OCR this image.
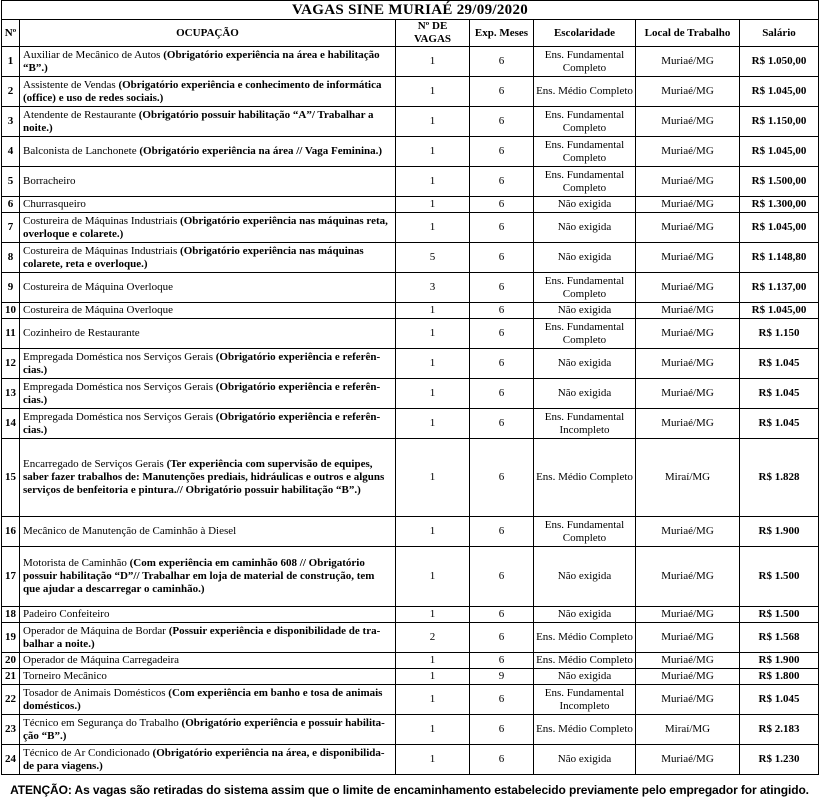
VAGAS SINE MURIAÉ 29/09/2020						
Nº	OCUPAÇÃO	Nº DE VAGAS	Exp. Meses	Escolaridade	Local de Trabalho	Salário
1	Auxiliar de Mecânico de Autos (Obrigatório experiência na área e habilitação “B”.)	1	6	Ens. Fundamental Completo	Muriaé/MG	R$ 1.050,00
2	Assistente de Vendas (Obrigatório experiência e conhecimento de informática (office) e uso de redes sociais.)	1	6	Ens. Médio Completo	Muriaé/MG	R$ 1.045,00
3	Atendente de Restaurante (Obrigatório possuir habilitação “A”/ Trabalhar a noite.)	1	6	Ens. Fundamental Completo	Muriaé/MG	R$ 1.150,00
4	Balconista de Lanchonete (Obrigatório experiência na área // Vaga Feminina.)	1	6	Ens. Fundamental Completo	Muriaé/MG	R$ 1.045,00
5	Borracheiro	1	6	Ens. Fundamental Completo	Muriaé/MG	R$ 1.500,00
6	Churrasqueiro	1	6	Não exigida	Muriaé/MG	R$ 1.300,00
7	Costureira de Máquinas Industriais (Obrigatório experiência nas máquinas reta, overloque e colarete.)	1	6	Não exigida	Muriaé/MG	R$ 1.045,00
8	Costureira de Máquinas Industriais (Obrigatório experiência nas máquinas colarete, reta e overloque.)	5	6	Não exigida	Muriaé/MG	R$ 1.148,80
9	Costureira de Máquina Overloque	3	6	Ens. Fundamental Completo	Muriaé/MG	R$ 1.137,00
10	Costureira de Máquina Overloque	1	6	Não exigida	Muriaé/MG	R$ 1.045,00
11	Cozinheiro de Restaurante	1	6	Ens. Fundamental Completo	Muriaé/MG	R$ 1.150
12	Empregada Doméstica nos Serviços Gerais (Obrigatório experiência e referên-cias.)	1	6	Não exigida	Muriaé/MG	R$ 1.045
13	Empregada Doméstica nos Serviços Gerais (Obrigatório experiência e referên-cias.)	1	6	Não exigida	Muriaé/MG	R$ 1.045
14	Empregada Doméstica nos Serviços Gerais (Obrigatório experiência e referên-cias.)	1	6	Ens. Fundamental Incompleto	Muriaé/MG	R$ 1.045
15	Encarregado de Serviços Gerais (Ter experiência com supervisão de equipes, saber fazer trabalhos de: Manutenções prediais, hidráulicas e outros e alguns serviços de benfeitoria e pintura.// Obrigatório possuir habilitação “B”.)	1	6	Ens. Médio Completo	Miraí/MG	R$ 1.828
16	Mecânico de Manutenção de Caminhão à Diesel	1	6	Ens. Fundamental Completo	Muriaé/MG	R$ 1.900
17	Motorista de Caminhão (Com experiência em caminhão 608 // Obrigatório possuir habilitação “D”// Trabalhar em loja de material de construção, tem que ajudar a descarregar o caminhão.)	1	6	Não exigida	Muriaé/MG	R$ 1.500
18	Padeiro Confeiteiro	1	6	Não exigida	Muriaé/MG	R$ 1.500
19	Operador de Máquina de Bordar (Possuir experiência e disponibilidade de tra-balhar a noite.)	2	6	Ens. Médio Completo	Muriaé/MG	R$ 1.568
20	Operador de Máquina Carregadeira	1	6	Ens. Médio Completo	Muriaé/MG	R$ 1.900
21	Torneiro Mecânico	1	9	Não exigida	Muriaé/MG	R$ 1.800
22	Tosador de Animais Domésticos (Com experiência em banho e tosa de animais domésticos.)	1	6	Ens. Fundamental Incompleto	Muriaé/MG	R$ 1.045
23	Técnico em Segurança do Trabalho (Obrigatório experiência e possuir habilita-ção “B”.)	1	6	Ens. Médio Completo	Miraí/MG	R$ 2.183
24	Técnico de Ar Condicionado (Obrigatório experiência na área, e disponibilida-de para viagens.)	1	6	Não exigida	Muriaé/MG	R$ 1.230
ATENÇÃO: As vagas são retiradas do sistema assim que o limite de encaminhamento estabelecido previamente pelo empregador for atingido.
